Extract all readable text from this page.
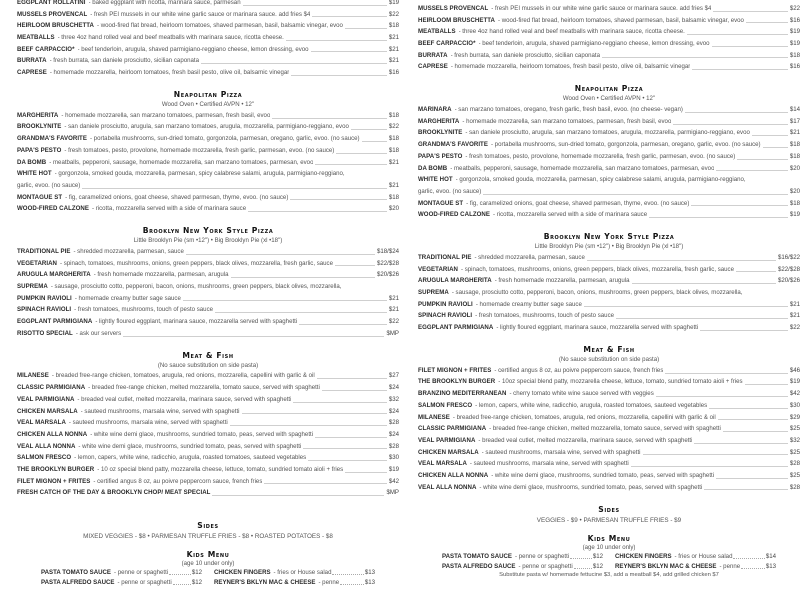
EGGPLANT ROLLATINI - baked eggplant with ricotta, marinara sauce, parmesan	$19
MUSSELS PROVENCAL - fresh PEI mussels in our white wine garlic sauce or marinara sauce. add fries $4	$22
HEIRLOOM BRUSCHETTA - wood-fired flat bread, heirloom tomatoes, shaved parmesan, basil, balsamic vinegar, evoo	$18
MEATBALLS - three 4oz hand rolled veal and beef meatballs with marinara sauce, ricotta cheese.	$21
BEEF CARPACCIO* - beef tenderloin, arugula, shaved parmigiano-reggiano cheese, lemon dressing, evoo	$21
BURRATA - fresh burrata, san daniele prosciutto, sicilian caponata	$21
CAPRESE - homemade mozzarella, heirloom tomatoes, fresh basil pesto, olive oil, balsamic vinegar	$16
Neapolitan Pizza
Wood Oven • Certified AVPN • 12"
MARGHERITA - homemade mozzarella, san marzano tomatoes, parmesan, fresh basil, evoo	$18
BROOKLYNITE - san daniele prosciutto, arugula, san marzano tomatoes, arugula, mozzarella, parmigiano-reggiano, evoo	$22
GRANDMA'S FAVORITE - portabella mushrooms, sun-dried tomato, gorgonzola, parmesan, oregano, garlic, evoo. (no sauce)	$18
PAPA'S PESTO - fresh tomatoes, pesto, provolone, homemade mozzarella, fresh garlic, parmesan, evoo. (no sauce)	$18
DA BOMB - meatballs, pepperoni, sausage, homemade mozzarella, san marzano tomatoes, parmesan, evoo	$21
WHITE HOT - gorgonzola, smoked gouda, mozzarella, parmesan, spicy calabrese salami, arugula, parmigiano-reggiano,
garlic, evoo. (no sauce)	$21
MONTAGUE ST - fig, caramelized onions, goat cheese, shaved parmesan, thyme, evoo. (no sauce)	$18
WOOD-FIRED CALZONE - ricotta, mozzarella served with a side of marinara sauce	$20
Brooklyn New York Style Pizza
Little Brooklyn Pie (sm •12") • Big Brooklyn Pie (xl •18")
TRADITIONAL PIE - shredded mozzarella, parmesan, sauce	$18/$24
VEGETARIAN - spinach, tomatoes, mushrooms, onions, green peppers, black olives, mozzarella, fresh garlic, sauce	$22/$28
ARUGULA MARGHERITA - fresh homemade mozzarella, parmesan, arugula	$20/$26
SUPREMA - sausage, prosciutto cotto, pepperoni, bacon, onions, mushrooms, green peppers, black olives, mozzarella,
PUMPKIN RAVIOLI - homemade creamy butter sage sauce	$21
SPINACH RAVIOLI - fresh tomatoes, mushrooms, touch of pesto sauce	$21
EGGPLANT PARMIGIANA - lightly floured eggplant, marinara sauce, mozzarella served with spaghetti	$22
RISOTTO SPECIAL - ask our servers	$MP
Meat & Fish
(No sauce substitution on side pasta)
MILANESE - breaded free-range chicken, tomatoes, arugula, red onions, mozzarella, capellini with garlic & oil	$27
CLASSIC PARMIGIANA - breaded free-range chicken, melted mozzarella, tomato sauce, served with spaghetti	$24
VEAL PARMIGIANA - breaded veal cutlet, melted mozzarella, marinara sauce, served with spaghetti	$32
CHICKEN MARSALA - sauteed mushrooms, marsala wine, served with spaghetti	$24
VEAL MARSALA - sauteed mushrooms, marsala wine, served with spaghetti	$28
CHICKEN ALLA NONNA - white wine demi glace, mushrooms, sundried tomato, peas, served with spaghetti	$24
VEAL ALLA NONNA - white wine demi glace, mushrooms, sundried tomato, peas, served with spaghetti	$28
SALMON FRESCO - lemon, capers, white wine, radicchio, arugula, roasted tomatoes, sauteed vegetables	$30
THE BROOKLYN BURGER - 10 oz special blend patty, mozzarella cheese, lettuce, tomato, sundried tomato aioli + fries	$19
FILET MIGNON + FRITES - certified angus 8 oz, au poivre peppercorn sauce, french fries	$42
FRESH CATCH OF THE DAY & BROOKLYN CHOP/ MEAT SPECIAL	$MP
Sides
MIXED VEGGIES - $8 • PARMESAN TRUFFLE FRIES - $8 • ROASTED POTATOES - $8
Kids Menu
(age 10 under only)
PASTA TOMATO SAUCE - penne or spaghetti	$12 CHICKEN FINGERS - fries or House salad	$13
PASTA ALFREDO SAUCE - penne or spaghetti	$12 REYNER'S BKLYN MAC & CHEESE - penne	$13
MUSSELS PROVENCAL - fresh PEI mussels in our white wine garlic sauce or marinara sauce. add fries $4	$22
HEIRLOOM BRUSCHETTA - wood-fired flat bread, heirloom tomatoes, shaved parmesan, basil, balsamic vinegar, evoo	$16
MEATBALLS - three 4oz hand rolled veal and beef meatballs with marinara sauce, ricotta cheese.	$19
BEEF CARPACCIO* - beef tenderloin, arugula, shaved parmigiano-reggiano cheese, lemon dressing, evoo	$19
BURRATA - fresh burrata, san daniele prosciutto, sicilian caponata	$18
CAPRESE - homemade mozzarella, heirloom tomatoes, fresh basil pesto, olive oil, balsamic vinegar	$16
Neapolitan Pizza
Wood Oven • Certified AVPN • 12"
MARINARA - san marzano tomatoes, oregano, fresh garlic, fresh basil, evoo. (no cheese- vegan)	$14
MARGHERITA - homemade mozzarella, san marzano tomatoes, parmesan, fresh basil, evoo	$17
BROOKLYNITE - san daniele prosciutto, arugula, san marzano tomatoes, arugula, mozzarella, parmigiano-reggiano, evoo	$21
GRANDMA'S FAVORITE - portabella mushrooms, sun-dried tomato, gorgonzola, parmesan, oregano, garlic, evoo. (no sauce)	$18
PAPA'S PESTO - fresh tomatoes, pesto, provolone, homemade mozzarella, fresh garlic, parmesan, evoo. (no sauce)	$18
DA BOMB - meatballs, pepperoni, sausage, homemade mozzarella, san marzano tomatoes, parmesan, evoo	$20
WHITE HOT - gorgonzola, smoked gouda, mozzarella, parmesan, spicy calabrese salami, arugula, parmigiano-reggiano,
garlic, evoo. (no sauce)	$20
MONTAGUE ST - fig, caramelized onions, goat cheese, shaved parmesan, thyme, evoo. (no sauce)	$18
WOOD-FIRED CALZONE - ricotta, mozzarella served with a side of marinara sauce	$19
Brooklyn New York Style Pizza
Little Brooklyn Pie (sm •12") • Big Brooklyn Pie (xl •18")
TRADITIONAL PIE - shredded mozzarella, parmesan, sauce	$16/$22
VEGETARIAN - spinach, tomatoes, mushrooms, onions, green peppers, black olives, mozzarella, fresh garlic, sauce	$22/$28
ARUGULA MARGHERITA - fresh homemade mozzarella, parmesan, arugula	$20/$26
SUPREMA - sausage, prosciutto cotto, pepperoni, bacon, onions, mushrooms, green peppers, black olives, mozzarella,
PUMPKIN RAVIOLI - homemade creamy butter sage sauce	$21
SPINACH RAVIOLI - fresh tomatoes, mushrooms, touch of pesto sauce	$21
EGGPLANT PARMIGIANA - lightly floured eggplant, marinara sauce, mozzarella served with spaghetti	$22
Meat & Fish
(No sauce substitution on side pasta)
FILET MIGNON + FRITES - certified angus 8 oz, au poivre peppercorn sauce, french fries	$46
THE BROOKLYN BURGER - 10oz special blend patty, mozzarella cheese, lettuce, tomato, sundried tomato aioli + fries	$19
BRANZINO MEDITERRANEAN - cherry tomato white wine sauce served with veggies	$42
SALMON FRESCO - lemon, capers, white wine, radicchio, arugula, roasted tomatoes, sauteed vegetables	$30
MILANESE - breaded free-range chicken, tomatoes, arugula, red onions, mozzarella, capellini with garlic & oil	$29
CLASSIC PARMIGIANA - breaded free-range chicken, melted mozzarella, tomato sauce, served with spaghetti	$25
VEAL PARMIGIANA - breaded veal cutlet, melted mozzarella, marinara sauce, served with spaghetti	$32
CHICKEN MARSALA - sauteed mushrooms, marsala wine, served with spaghetti	$25
VEAL MARSALA - sauteed mushrooms, marsala wine, served with spaghetti	$28
CHICKEN ALLA NONNA - white wine demi glace, mushrooms, sundried tomato, peas, served with spaghetti	$25
VEAL ALLA NONNA - white wine demi glace, mushrooms, sundried tomato, peas, served with spaghetti	$28
Sides
VEGGIES - $9 • PARMESAN TRUFFLE FRIES - $9
Kids Menu
(age 10 under only)
PASTA TOMATO SAUCE - penne or spaghetti	$12 CHICKEN FINGERS - fries or House salad	$14
PASTA ALFREDO SAUCE - penne or spaghetti	$12 REYNER'S BKLYN MAC & CHEESE - penne	$13
Substitute pasta w/ homemade fettucine $3, add a meatball $4, add grilled chicken $7
